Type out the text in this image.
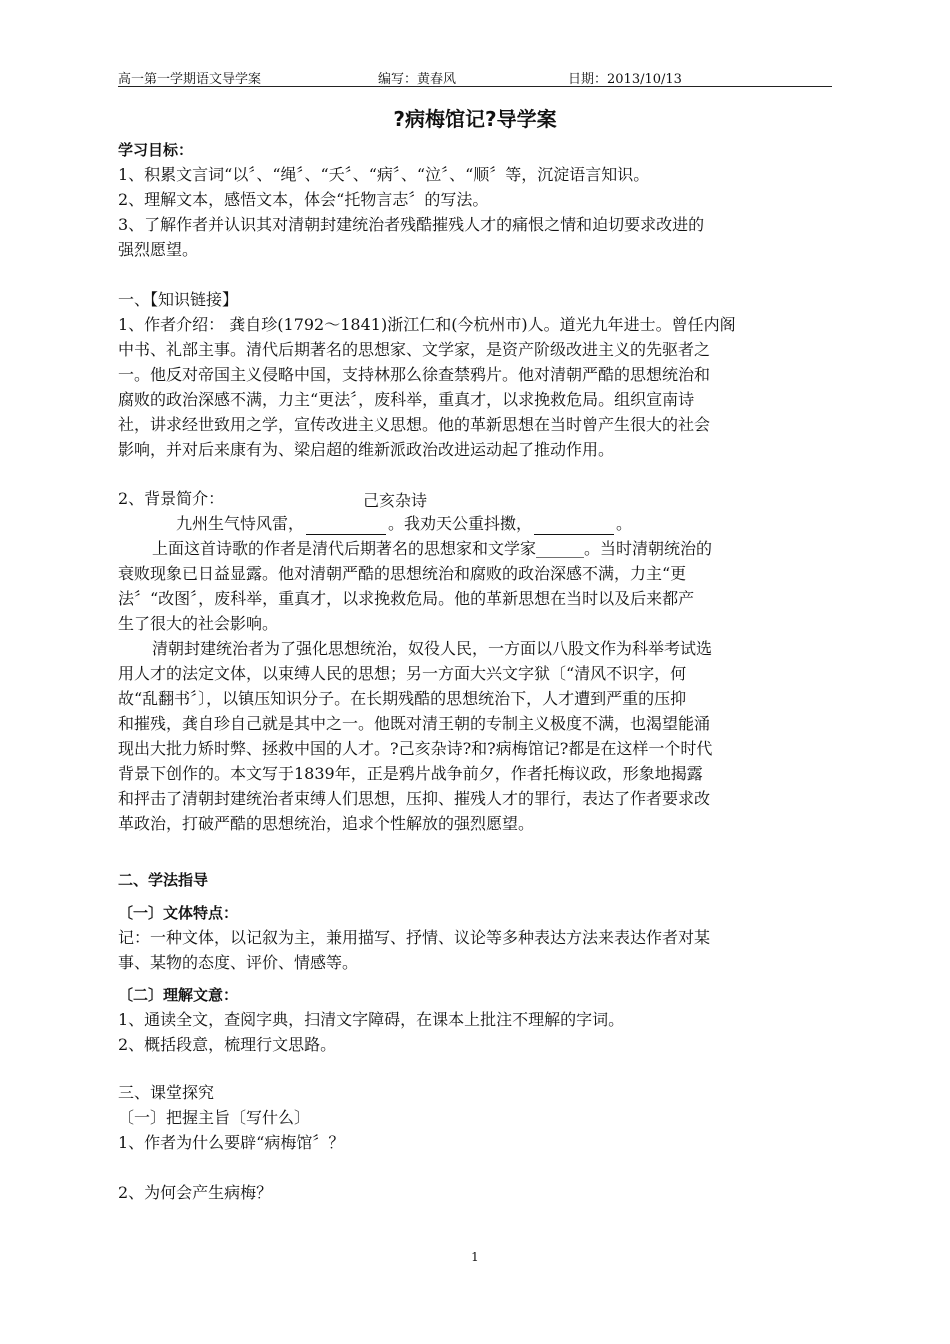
高一第一学期语文导学案	编写：黄春风	日期：2013/10/13
?病梅馆记?导学案
学习目标：
1、积累文言词“以〞、“绳〞、“夭〞、“病〞、“泣〞、“顺〞等，沉淀语言知识。
2、理解文本，感悟文本，体会“托物言志〞的写法。
3、了解作者并认识其对清朝封建统治者残酷摧残人才的痛恨之情和迫切要求改进的
强烈愿望。
一、【知识链接】
1、作者介绍： 龚自珍(1792～1841)浙江仁和(今杭州市)人。道光九年进士。曾任内阁
中书、礼部主事。清代后期著名的思想家、文学家，是资产阶级改进主义的先驱者之
一。他反对帝国主义侵略中国，支持林那么徐查禁鸦片。他对清朝严酷的思想统治和
腐败的政治深感不满，力主“更法〞，废科举，重真才，以求挽救危局。组织宣南诗
社，讲求经世致用之学，宣传改进主义思想。他的革新思想在当时曾产生很大的社会
影响，并对后来康有为、梁启超的维新派政治改进运动起了推动作用。
2、背景简介：	己亥杂诗
九州生气恃风雷，	。我劝天公重抖擞，	。
上面这首诗歌的作者是清代后期著名的思想家和文学家______。当时清朝统治的
衰败现象已日益显露。他对清朝严酷的思想统治和腐败的政治深感不满，力主“更
法〞“改图〞，废科举，重真才，以求挽救危局。他的革新思想在当时以及后来都产
生了很大的社会影响。
清朝封建统治者为了强化思想统治，奴役人民，一方面以八股文作为科举考试选
用人才的法定文体，以束缚人民的思想；另一方面大兴文字狱〔“清风不识字，何
故“乱翻书〞〕，以镇压知识分子。在长期残酷的思想统治下，人才遭到严重的压抑
和摧残，龚自珍自己就是其中之一。他既对清王朝的专制主义极度不满，也渴望能涌
现出大批力矫时弊、拯救中国的人才。?己亥杂诗?和?病梅馆记?都是在这样一个时代
背景下创作的。本文写于1839年，正是鸦片战争前夕，作者托梅议政，形象地揭露
和抨击了清朝封建统治者束缚人们思想，压抑、摧残人才的罪行，表达了作者要求改
革政治，打破严酷的思想统治，追求个性解放的强烈愿望。
二、学法指导
〔一〕文体特点：
记：一种文体，以记叙为主，兼用描写、抒情、议论等多种表达方法来表达作者对某
事、某物的态度、评价、情感等。
〔二〕理解文意：
1、通读全文，查阅字典，扫清文字障碍，在课本上批注不理解的字词。
2、概括段意，梳理行文思路。
三、课堂探究
〔一〕把握主旨〔写什么〕
1、作者为什么要辟“病梅馆〞？
2、为何会产生病梅？
1
